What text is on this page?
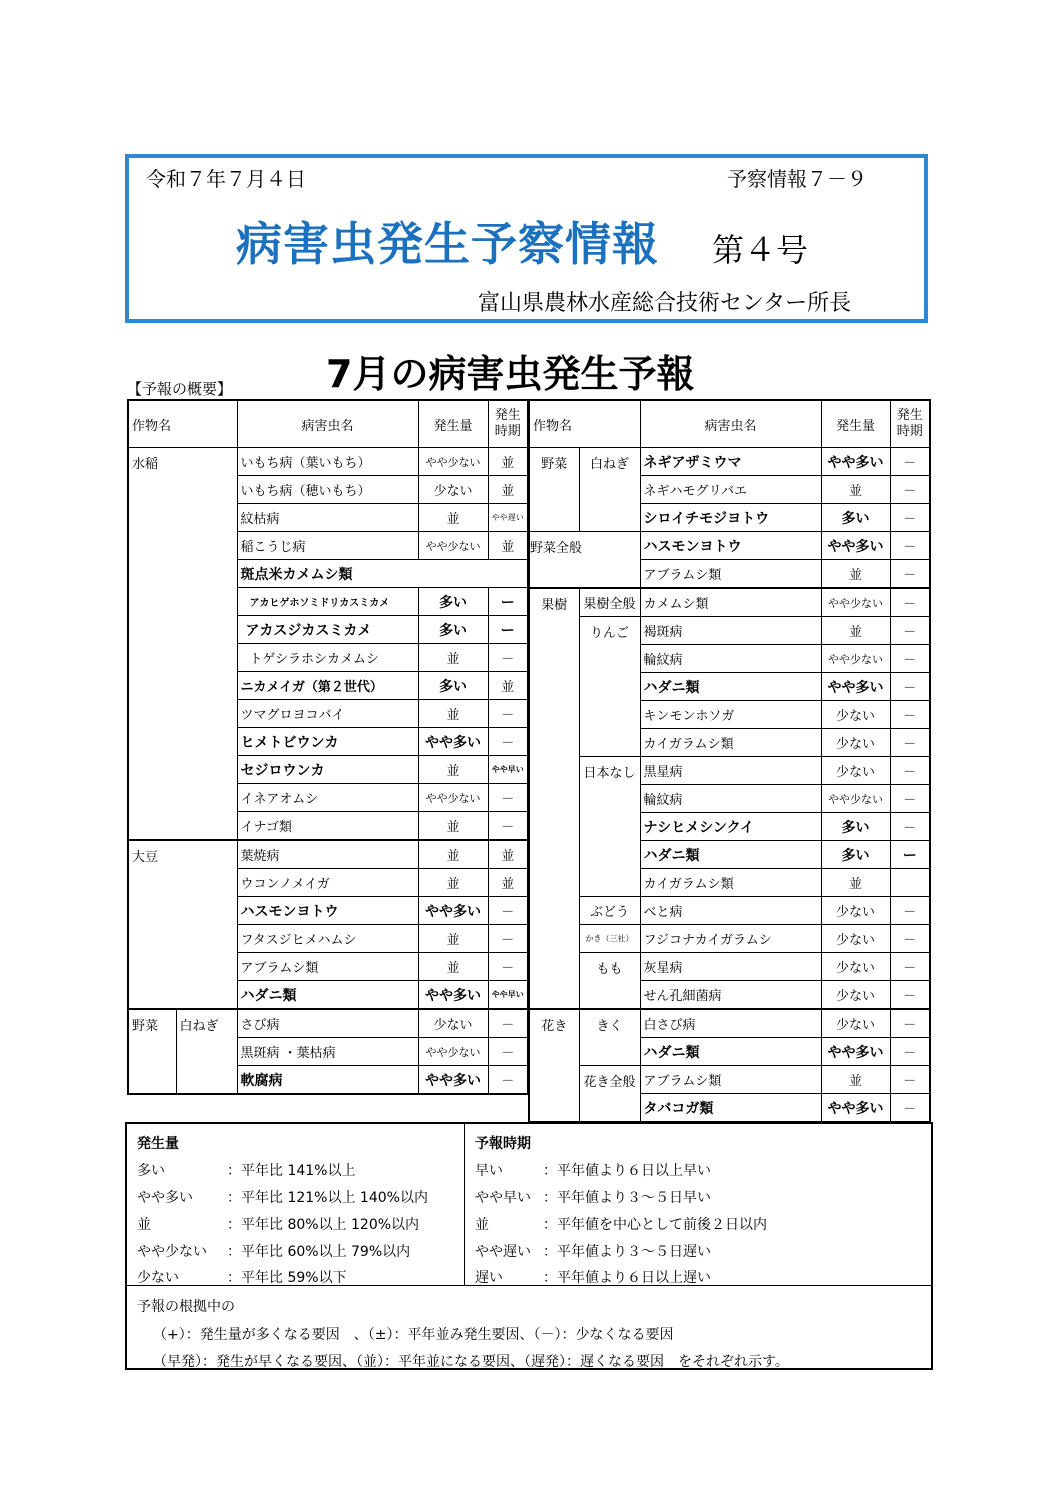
令和７年７月４日	予察情報７－９
病害虫発生予察情報 第４号
富山県農林水産総合技術センター所長
7月の病害虫発生予報
【予報の概要】
作物名		病害虫名	発生量	発生時期
水稲		いもち病（葉いもち）	やや少ない	並
		いもち病（穂いもち）	少ない	並
		紋枯病	並	やや遅い
		稲こうじ病	やや少ない	並
		斑点米カメムシ類		
		アカヒゲホソミドリカスミカメ	多い	ー
		アカスジカスミカメ	多い	ー
		トゲシラホシカメムシ	並	－
		ニカメイガ（第２世代）	多い	並
		ツマグロヨコバイ	並	－
		ヒメトビウンカ	やや多い	－
		セジロウンカ	並	やや早い
		イネアオムシ	やや少ない	－
		イナゴ類	並	－
大豆		葉焼病	並	並
		ウコンノメイガ	並	並
		ハスモンヨトウ	やや多い	－
		フタスジヒメハムシ	並	－
		アブラムシ類	並	－
		ハダニ類	やや多い	やや早い
野菜	白ねぎ	さび病	少ない	－
		黒斑病 ・葉枯病	やや少ない	－
		軟腐病	やや多い	－
作物名		病害虫名	発生量	発生時期
野菜	白ねぎ	ネギアザミウマ	やや多い	－
		ネギハモグリバエ	並	－
		シロイチモジヨトウ	多い	－
野菜全般		ハスモンヨトウ	やや多い	－
		アブラムシ類	並	－
果樹	果樹全般	カメムシ類	やや少ない	－
	りんご	褐斑病	並	－
		輪紋病	やや少ない	－
		ハダニ類	やや多い	－
		キンモンホソガ	少ない	－
		カイガラムシ類	少ない	－
	日本なし	黒星病	少ない	－
		輪紋病	やや少ない	－
		ナシヒメシンクイ	多い	－
		ハダニ類	多い	ー
		カイガラムシ類	並	
	ぶどう	べと病	少ない	－
	かき（三社）	フジコナカイガラムシ	少ない	－
	もも	灰星病	少ない	－
		せん孔細菌病	少ない	－
花き	きく	白さび病	少ない	－
		ハダニ類	やや多い	－
	花き全般	アブラムシ類	並	－
		タバコガ類	やや多い	－
発生量
多い	：平年比 141%以上
やや多い ：平年比 121%以上 140%以内
並	：平年比 80%以上 120%以内
やや少ない ：平年比 60%以上 79%以内
少ない	：平年比 59%以下
予報時期
早い	：平年値より６日以上早い
やや早い ：平年値より３～５日早い
並	：平年値を中心として前後２日以内
やや遅い ：平年値より３～５日遅い
遅い	：平年値より６日以上遅い
予報の根拠中の
（+）：発生量が多くなる要因　、（±）：平年並み発生要因、（－）：少なくなる要因
（早発）：発生が早くなる要因、（並）：平年並になる要因、（遅発）：遅くなる要因　をそれぞれ示す。
